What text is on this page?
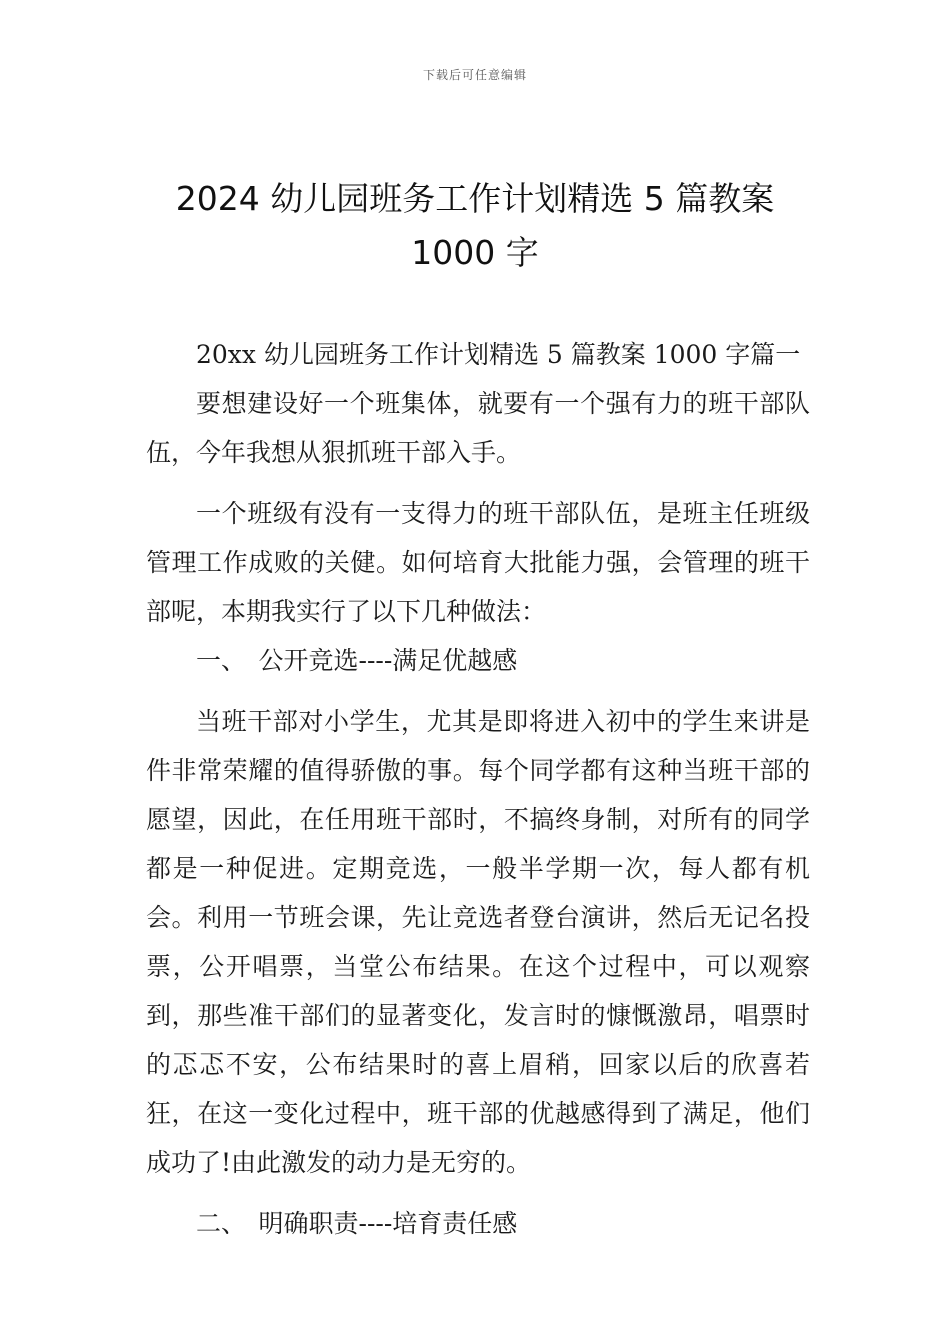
下载后可任意编辑
2024 幼儿园班务工作计划精选 5 篇教案
1000 字

20xx 幼儿园班务工作计划精选 5 篇教案 1000 字篇一

要想建设好一个班集体，就要有一个强有力的班干部队伍，今年我想从狠抓班干部入手。

一个班级有没有一支得力的班干部队伍，是班主任班级管理工作成败的关健。如何培育大批能力强，会管理的班干部呢，本期我实行了以下几种做法：

一、　公开竞选----满足优越感

当班干部对小学生，尤其是即将进入初中的学生来讲是件非常荣耀的值得骄傲的事。每个同学都有这种当班干部的愿望，因此，在任用班干部时，不搞终身制，对所有的同学都是一种促进。定期竞选，一般半学期一次，每人都有机会。利用一节班会课，先让竞选者登台演讲，然后无记名投票，公开唱票，当堂公布结果。在这个过程中，可以观察到，那些准干部们的显著变化，发言时的慷慨激昂，唱票时的忑忑不安，公布结果时的喜上眉稍，回家以后的欣喜若狂，在这一变化过程中，班干部的优越感得到了满足，他们成功了!由此激发的动力是无穷的。

二、　明确职责----培育责任感
